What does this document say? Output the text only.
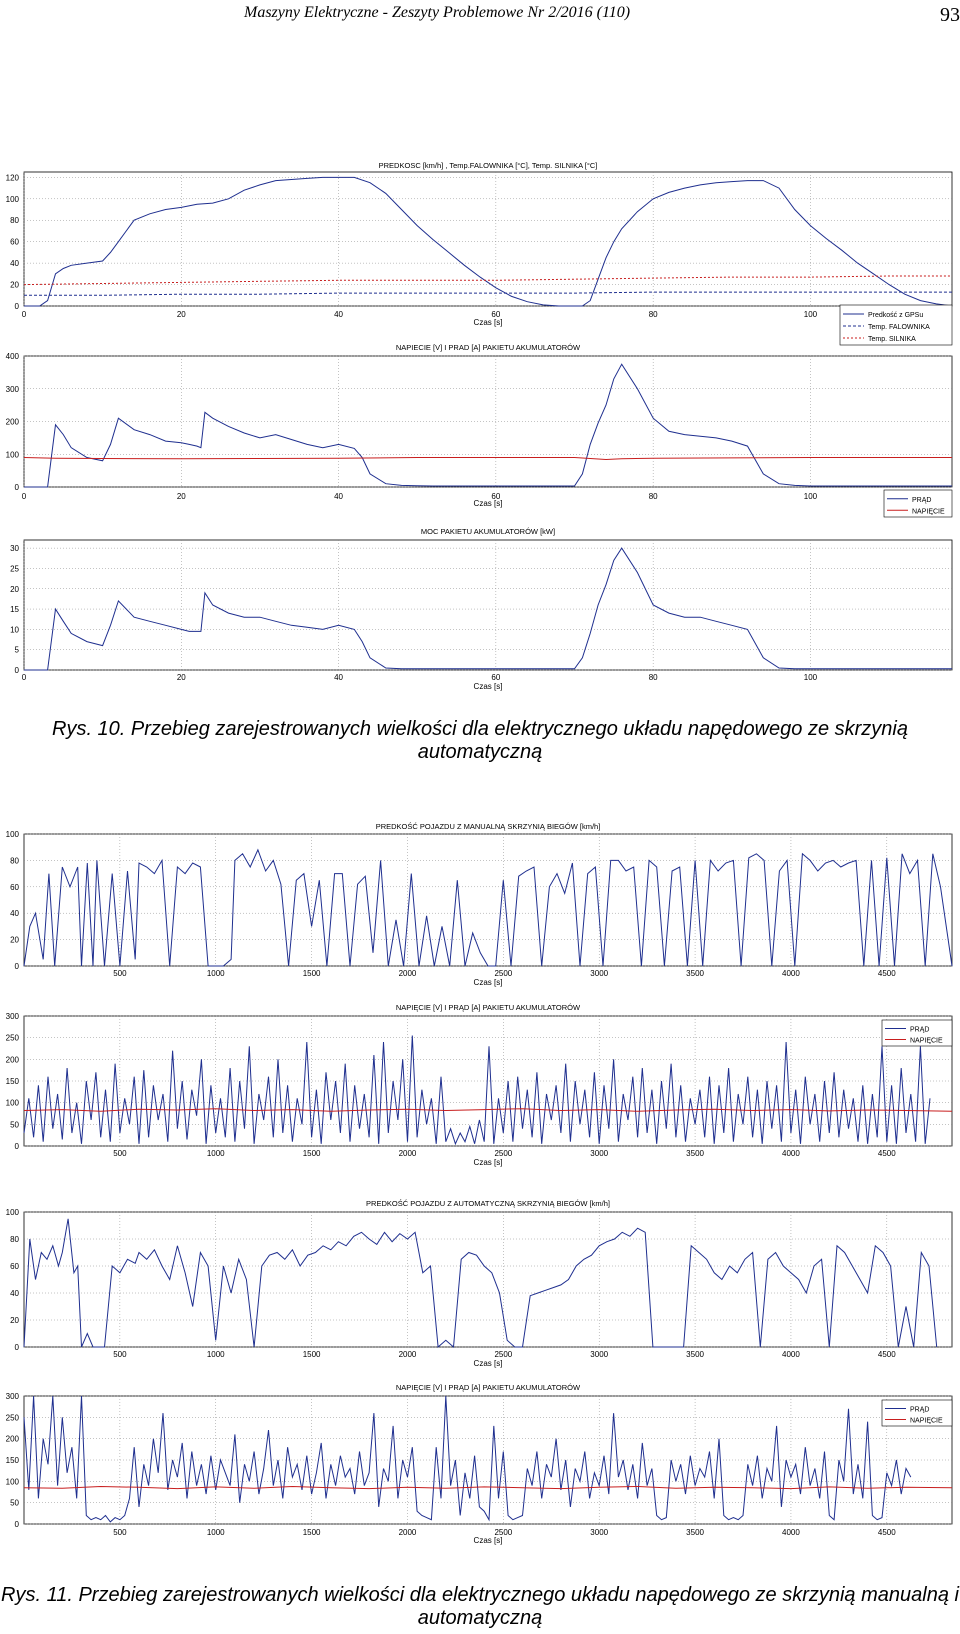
Maszyny Elektryczne - Zeszyty Problemowe Nr 2/2016 (110)	93
0	20	40	60	80	100
0
20
40
60
80
100
120
PREDKOSC [km/h] , Temp.FALOWNIKA [°C], Temp. SILNIKA [°C]
Czas [s]
Predkość z GPSu
Temp. FALOWNIKA
Temp. SILNIKA
0	20	40	60	80	100
0
100
200
300
400
NAPIECIE [V] I PRAD [A] PAKIETU AKUMULATORÓW
Czas [s]	PRĄD
NAPIĘCIE
0	20	40	60	80	100
0
5
10
15
20
25
30
MOC PAKIETU AKUMULATORÓW [kW]
Czas [s]
Rys. 10. Przebieg zarejestrowanych wielkości dla elektrycznego układu napędowego ze skrzynią automatyczną
500	1000	1500	2000	2500	3000	3500	4000	4500
0
20
40
60
80
100
PREDKOŚĆ POJAZDU Z MANUALNĄ SKRZYNIĄ BIEGÓW [km/h]
Czas [s]
500	1000	1500	2000	2500	3000	3500	4000	4500
0
50
100
150
200
250
300
NAPIĘCIE [V] I PRĄD [A] PAKIETU AKUMULATORÓW
Czas [s]
PRĄD
NAPIĘCIE
500	1000	1500	2000	2500	3000	3500	4000	4500
0
20
40
60
80
100
PREDKOŚĆ POJAZDU Z AUTOMATYCZNĄ SKRZYNIĄ BIEGÓW [km/h]
Czas [s]
500	1000	1500	2000	2500	3000	3500	4000	4500
0
50
100
150
200
250
300
NAPIĘCIE [V] I PRĄD [A] PAKIETU AKUMULATORÓW
Czas [s]
PRĄD
NAPIĘCIE
Rys. 11. Przebieg zarejestrowanych wielkości dla elektrycznego układu napędowego ze skrzynią manualną i automatyczną
